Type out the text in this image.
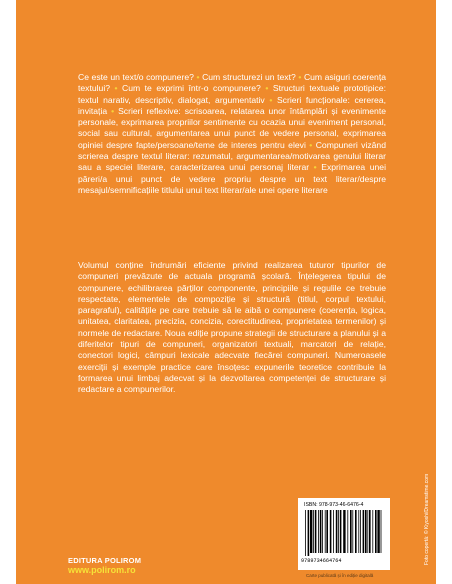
Ce este un text/o compunere? • Cum structurezi un text? • Cum asiguri coerența textului? • Cum te exprimi într-o compunere? • Structuri textuale prototipice: textul narativ, descriptiv, dialogat, argumentativ • Scrieri funcționale: cererea, invitația • Scrieri reflexive: scrisoarea, relatarea unor întâmplări și evenimente personale, exprimarea propriilor sentimente cu ocazia unui eveniment personal, social sau cultural, argumentarea unui punct de vedere personal, exprimarea opiniei despre fapte/persoane/teme de interes pentru elevi • Compuneri vizând scrierea despre textul literar: rezumatul, argumentarea/motivarea genului literar sau a speciei literare, caracterizarea unui personaj literar • Exprimarea unei păreri/a unui punct de vedere propriu despre un text literar/despre mesajul/semnificațiile titlului unui text literar/ale unei opere literare
Volumul conține îndrumări eficiente privind realizarea tuturor tipurilor de compuneri prevăzute de actuala programă școlară. Înțelegerea tipului de compunere, echilibrarea părților componente, principiile și regulile ce trebuie respectate, elementele de compoziție și structură (titlul, corpul textului, paragraful), calitățile pe care trebuie să le aibă o compunere (coerența, logica, unitatea, claritatea, precizia, concizia, corectitudinea, proprietatea termenilor) și normele de redactare. Noua ediție propune strategii de structurare a planului și a diferitelor tipuri de compuneri, organizatori textuali, marcatori de relație, conectori logici, câmpuri lexicale adecvate fiecărei compuneri. Numeroasele exerciții și exemple practice care însoțesc expunerile teoretice contribuie la formarea unui limbaj adecvat și la dezvoltarea competenței de structurare și redactare a compunerilor.
EDITURA POLIROM
www.polirom.ro
ISBN: 978-973-46-6476-4
9789734664764
Carte publicată și în ediție digitală
Foto copertă: © Kiyoshi/Dreamstime.com
